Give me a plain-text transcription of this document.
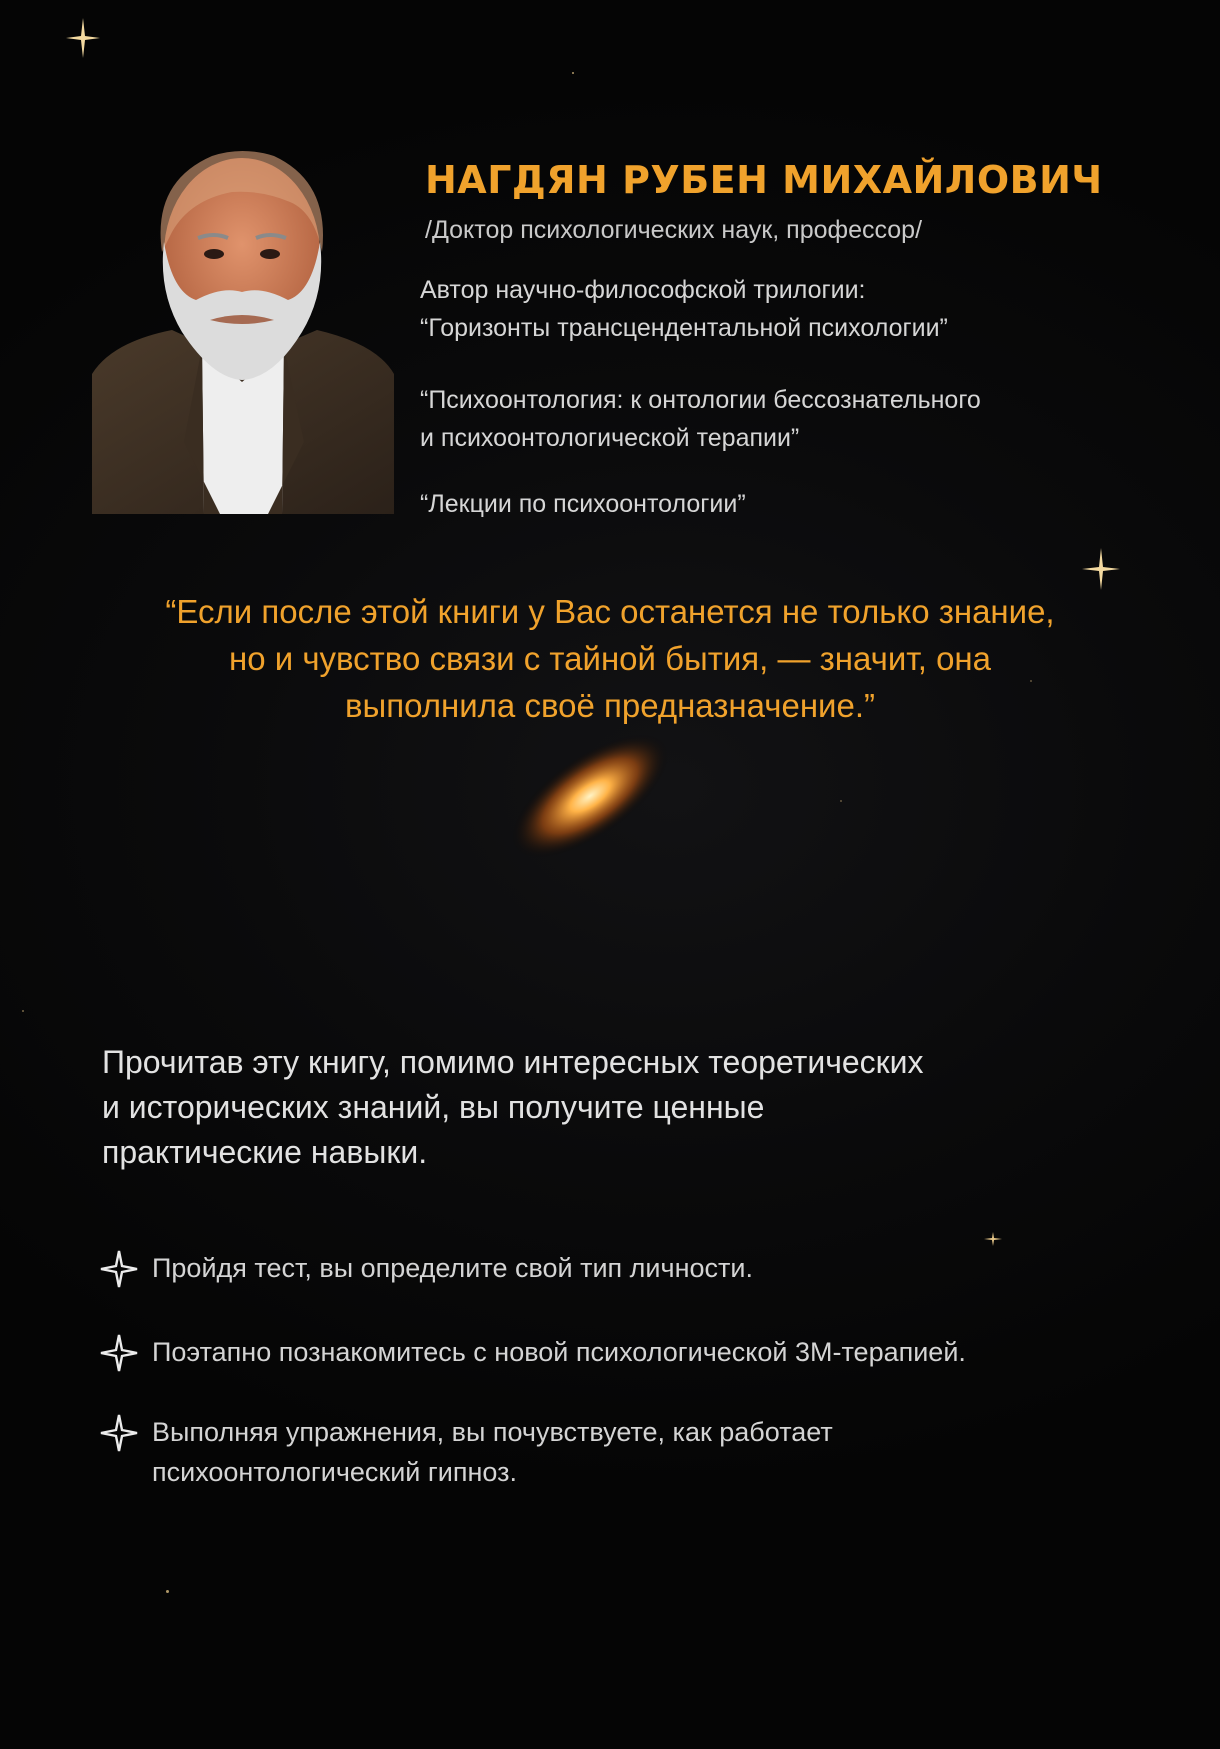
НАГДЯН РУБЕН МИХАЙЛОВИЧ
/Доктор психологических наук, профессор/
Автор научно-философской трилогии:
“Горизонты трансцендентальной психологии”
“Психоонтология: к онтологии бессознательного
и психоонтологической терапии”
“Лекции по психоонтологии”
“Если после этой книги у Вас останется не только знание,
но и чувство связи с тайной бытия, — значит, она
выполнила своё предназначение.”
Прочитав эту книгу, помимо интересных теоретических
и исторических знаний, вы получите ценные
практические навыки.
Пройдя тест, вы определите свой тип личности.
Поэтапно познакомитесь с новой психологической 3М-терапией.
Выполняя упражнения, вы почувствуете, как работает
психоонтологический гипноз.
